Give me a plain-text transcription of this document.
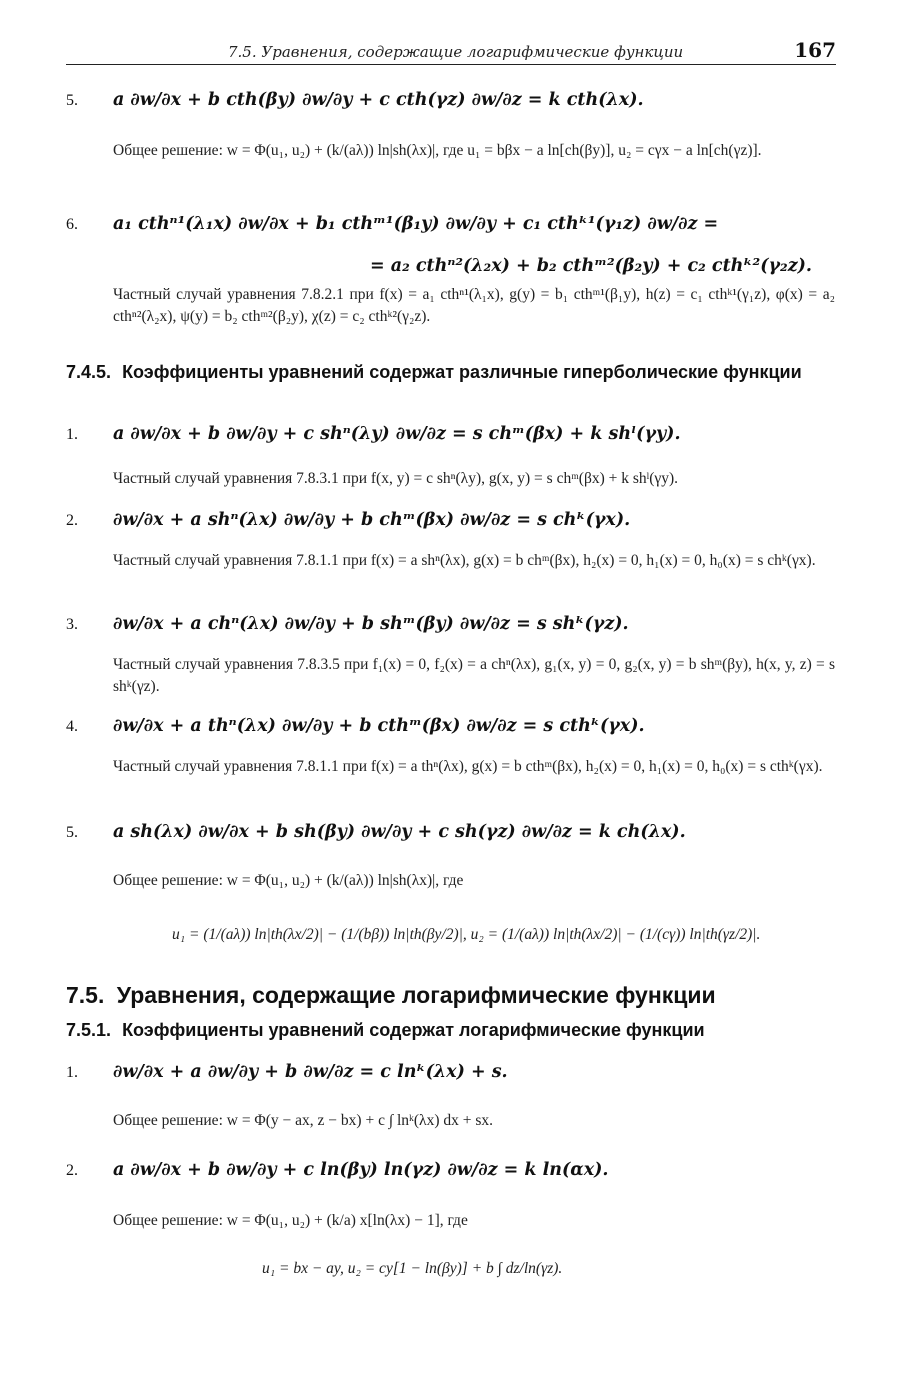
7.5. Уравнения, содержащие логарифмические функции	167
5. a ∂w/∂x + b cth(βy) ∂w/∂y + c cth(γz) ∂w/∂z = k cth(λx).
Общее решение: w = Φ(u₁, u₂) + (k/(aλ)) ln|sh(λx)|, где u₁ = bβx − a ln[ch(βy)], u₂ = cγx − a ln[ch(γz)].
6. a₁ cthⁿ¹(λ₁x) ∂w/∂x + b₁ cthᵐ¹(β₁y) ∂w/∂y + c₁ cthᵏ¹(γ₁z) ∂w/∂z =
= a₂ cthⁿ²(λ₂x) + b₂ cthᵐ²(β₂y) + c₂ cthᵏ²(γ₂z).
Частный случай уравнения 7.8.2.1 при f(x) = a₁ cthⁿ¹(λ₁x), g(y) = b₁ cthᵐ¹(β₁y), h(z) = c₁ cthᵏ¹(γ₁z), φ(x) = a₂ cthⁿ²(λ₂x), ψ(y) = b₂ cthᵐ²(β₂y), χ(z) = c₂ cthᵏ²(γ₂z).
7.4.5. Коэффициенты уравнений содержат различные гиперболические функции
1. a ∂w/∂x + b ∂w/∂y + c shⁿ(λy) ∂w/∂z = s chᵐ(βx) + k shˡ(γy).
Частный случай уравнения 7.8.3.1 при f(x, y) = c shⁿ(λy), g(x, y) = s chᵐ(βx) + k shˡ(γy).
2. ∂w/∂x + a shⁿ(λx) ∂w/∂y + b chᵐ(βx) ∂w/∂z = s chᵏ(γx).
Частный случай уравнения 7.8.1.1 при f(x) = a shⁿ(λx), g(x) = b chᵐ(βx), h₂(x) = 0, h₁(x) = 0, h₀(x) = s chᵏ(γx).
3. ∂w/∂x + a chⁿ(λx) ∂w/∂y + b shᵐ(βy) ∂w/∂z = s shᵏ(γz).
Частный случай уравнения 7.8.3.5 при f₁(x) = 0, f₂(x) = a chⁿ(λx), g₁(x, y) = 0, g₂(x, y) = b shᵐ(βy), h(x, y, z) = s shᵏ(γz).
4. ∂w/∂x + a thⁿ(λx) ∂w/∂y + b cthᵐ(βx) ∂w/∂z = s cthᵏ(γx).
Частный случай уравнения 7.8.1.1 при f(x) = a thⁿ(λx), g(x) = b cthᵐ(βx), h₂(x) = 0, h₁(x) = 0, h₀(x) = s cthᵏ(γx).
5. a sh(λx) ∂w/∂x + b sh(βy) ∂w/∂y + c sh(γz) ∂w/∂z = k ch(λx).
Общее решение: w = Φ(u₁, u₂) + (k/(aλ)) ln|sh(λx)|, где
u₁ = (1/(aλ)) ln|th(λx/2)| − (1/(bβ)) ln|th(βy/2)|, u₂ = (1/(aλ)) ln|th(λx/2)| − (1/(cγ)) ln|th(γz/2)|.
7.5. Уравнения, содержащие логарифмические функции
7.5.1. Коэффициенты уравнений содержат логарифмические функции
1. ∂w/∂x + a ∂w/∂y + b ∂w/∂z = c lnᵏ(λx) + s.
Общее решение: w = Φ(y − ax, z − bx) + c ∫ lnᵏ(λx) dx + sx.
2. a ∂w/∂x + b ∂w/∂y + c ln(βy) ln(γz) ∂w/∂z = k ln(αx).
Общее решение: w = Φ(u₁, u₂) + (k/a) x[ln(λx) − 1], где
u₁ = bx − ay, u₂ = cy[1 − ln(βy)] + b ∫ dz/ln(γz).
